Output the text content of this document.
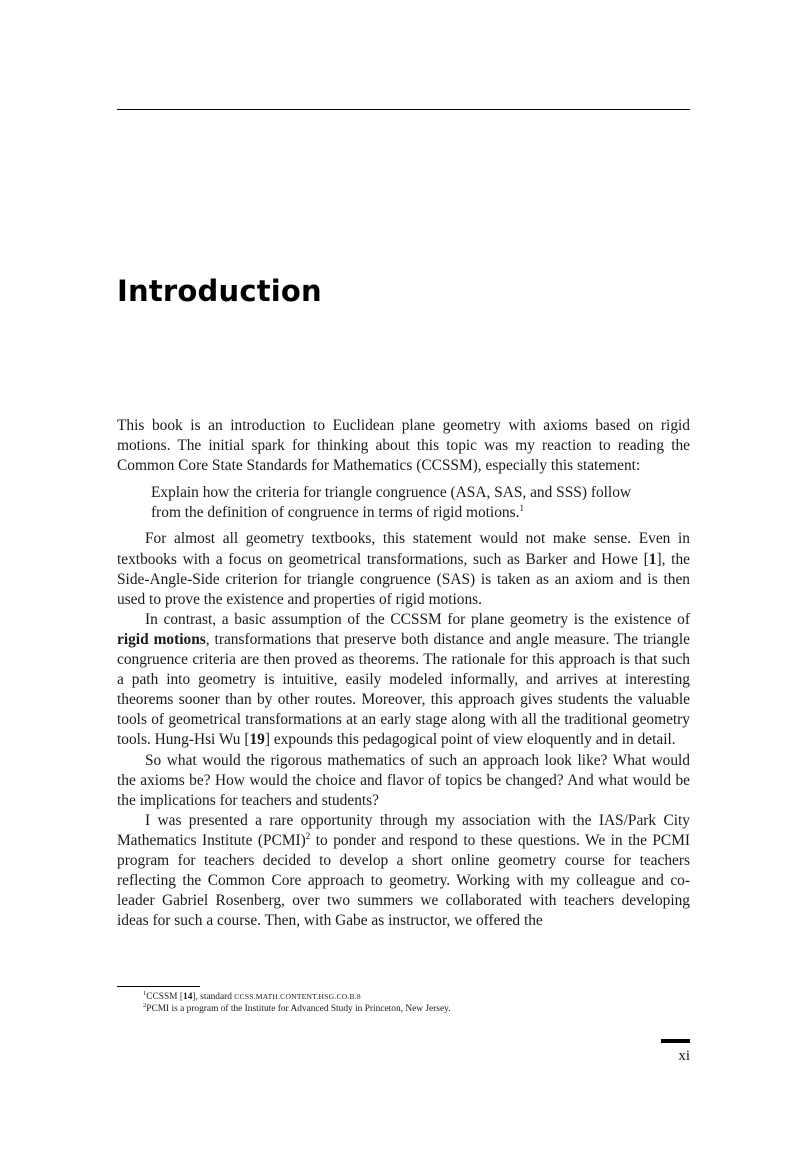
Introduction

This book is an introduction to Euclidean plane geometry with axioms based on rigid motions. The initial spark for thinking about this topic was my reaction to reading the Common Core State Standards for Mathematics (CCSSM), especially this statement:

Explain how the criteria for triangle congruence (ASA, SAS, and SSS) follow from the definition of congruence in terms of rigid motions.$^1$

For almost all geometry textbooks, this statement would not make sense. Even in textbooks with a focus on geometrical transformations, such as Barker and Howe [1], the Side-Angle-Side criterion for triangle congruence (SAS) is taken as an axiom and is then used to prove the existence and properties of rigid motions.

In contrast, a basic assumption of the CCSSM for plane geometry is the existence of rigid motions, transformations that preserve both distance and angle measure. The triangle congruence criteria are then proved as theorems. The rationale for this approach is that such a path into geometry is intuitive, easily modeled informally, and arrives at interesting theorems sooner than by other routes. Moreover, this approach gives students the valuable tools of geometrical transformations at an early stage along with all the traditional geometry tools. Hung-Hsi Wu [19] expounds this pedagogical point of view eloquently and in detail.

So what would the rigorous mathematics of such an approach look like? What would the axioms be? How would the choice and flavor of topics be changed? And what would be the implications for teachers and students?

I was presented a rare opportunity through my association with the IAS/Park City Mathematics Institute (PCMI)$^2$ to ponder and respond to these questions. We in the PCMI program for teachers decided to develop a short online geometry course for teachers reflecting the Common Core approach to geometry. Working with my colleague and co-leader Gabriel Rosenberg, over two summers we collaborated with teachers developing ideas for such a course. Then, with Gabe as instructor, we offered the

$^1$CCSSM [14], standard CCSS.MATH.CONTENT.HSG.CO.B.8

$^2$PCMI is a program of the Institute for Advanced Study in Princeton, New Jersey.

xi
